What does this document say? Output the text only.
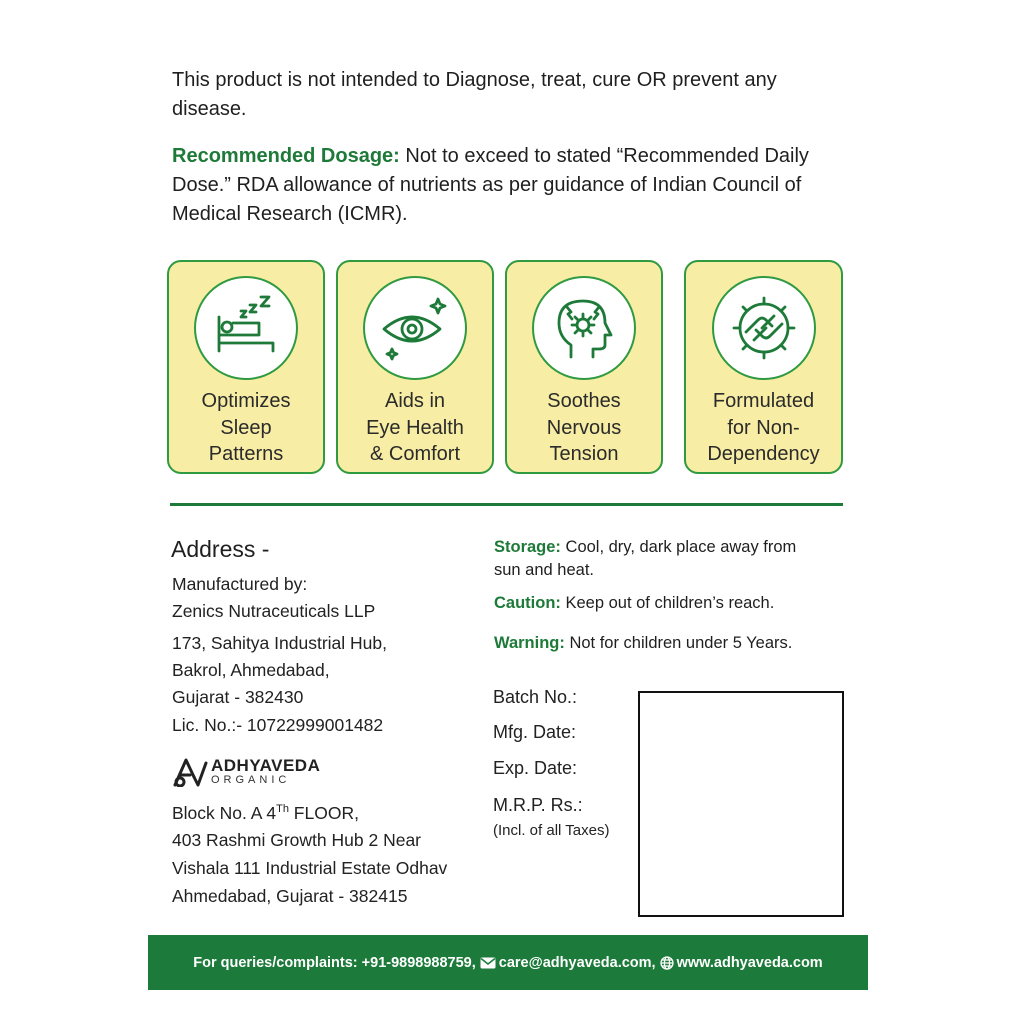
This product is not intended to Diagnose, treat, cure OR prevent any disease.

Recommended Dosage: Not to exceed to stated “Recommended Daily Dose.” RDA allowance of nutrients as per guidance of Indian Council of Medical Research (ICMR).

Optimizes
Sleep
Patterns
Aids in
Eye Health
& Comfort
Soothes
Nervous
Tension
Formulated
for Non-
Dependency
Address -
Manufactured by:
Zenics Nutraceuticals LLP
173, Sahitya Industrial Hub,
Bakrol, Ahmedabad,
Gujarat - 382430
Lic. No.:- 10722999001482
ADHYAVEDA
ORGANIC
Block No. A 4Th FLOOR,
403 Rashmi Growth Hub 2 Near
Vishala 111 Industrial Estate Odhav
Ahmedabad, Gujarat - 382415
Storage: Cool, dry, dark place away from sun and heat.
Caution: Keep out of children’s reach.
Warning: Not for children under 5 Years.
Batch No.:
Mfg. Date:
Exp. Date:
M.R.P. Rs.:
(Incl. of all Taxes)
For queries/complaints: +91-9898988759, care@adhyaveda.com, www.adhyaveda.com
